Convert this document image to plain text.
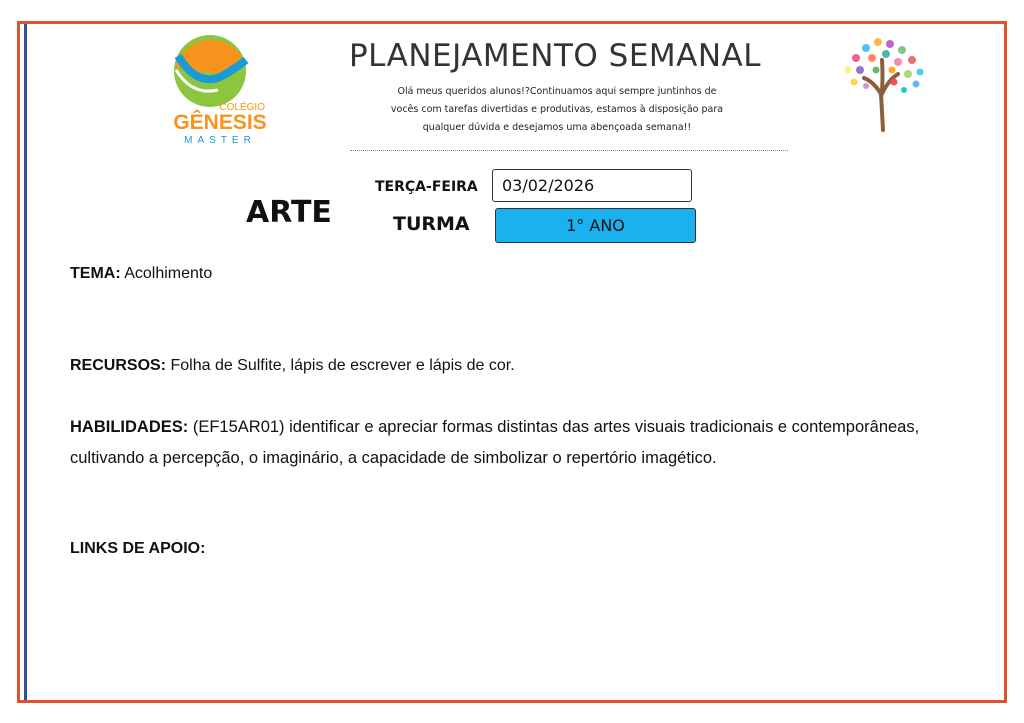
COLÉGIO
GÊNESIS
MASTER
PLANEJAMENTO SEMANAL
Olá meus queridos alunos!?Continuamos aqui sempre juntinhos de
vocês com tarefas divertidas e produtivas, estamos à disposição para
qualquer dúvida e desejamos uma abençoada semana!!
ARTE
TERÇA-FEIRA	03/02/2026
TURMA	1° ANO
TEMA: Acolhimento
RECURSOS: Folha de Sulfite, lápis de escrever e lápis de cor.
HABILIDADES: (EF15AR01) identificar e apreciar formas distintas das artes visuais tradicionais e contemporâneas, cultivando a percepção, o imaginário, a capacidade de simbolizar o repertório imagético.
LINKS DE APOIO:
